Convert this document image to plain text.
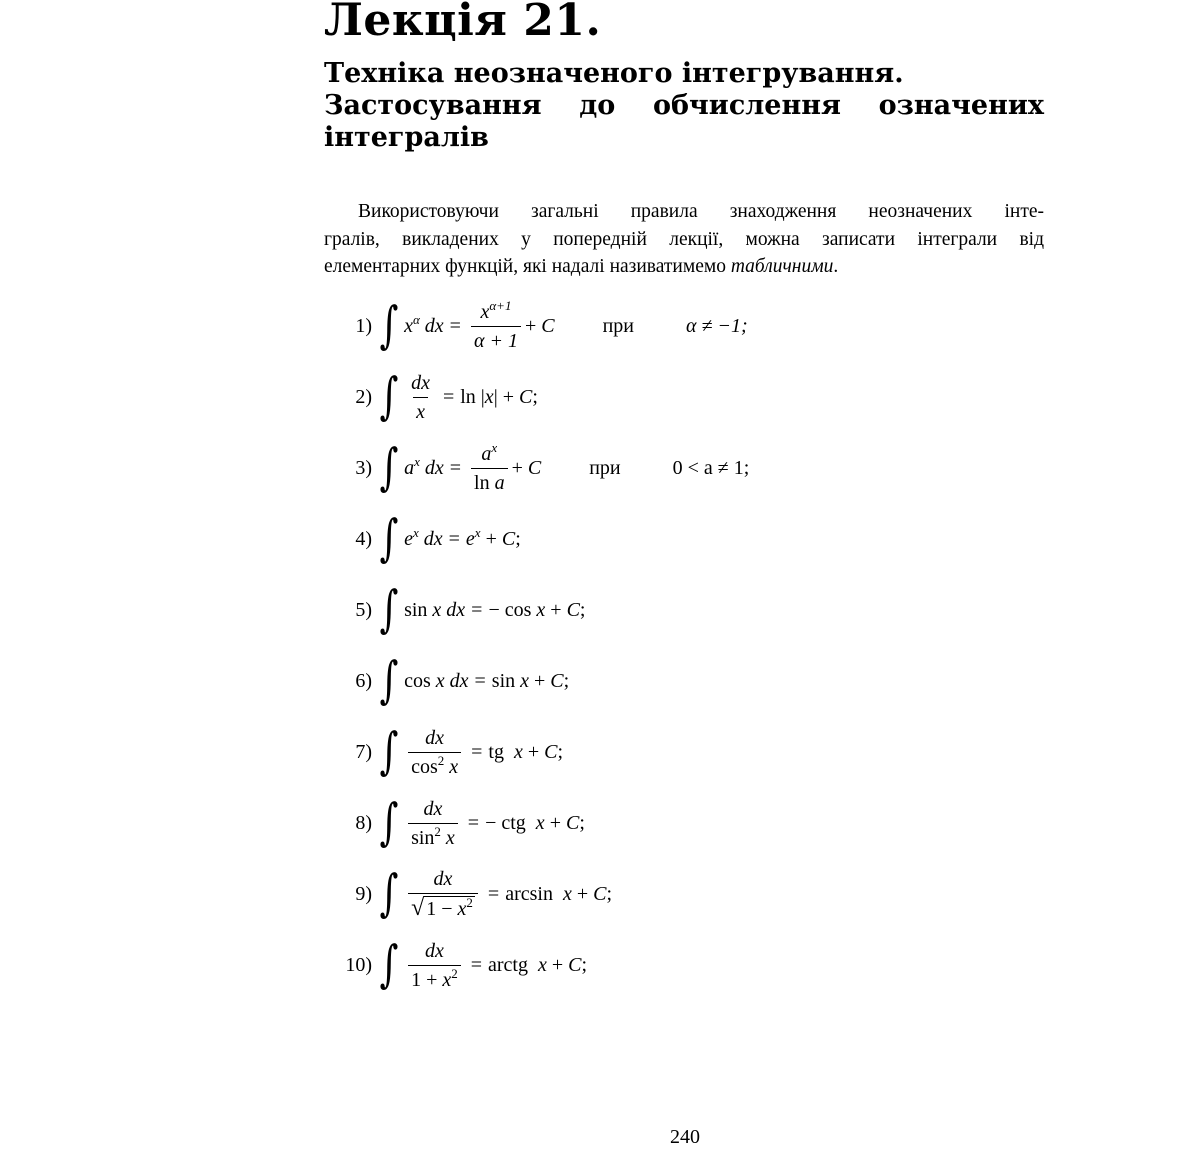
Лекція 21.
Техніка неозначеного інтегрування.
Застосування до обчислення означених
інтегралів
Використовуючи загальні правила знаходження неозначених інте-
гралів, викладених у попередній лекції, можна записати інтеграли від
елементарних функцій, які надалі називатимемо табличними.
1) ∫ $x^\alpha$ dx = $\frac{x^{\alpha+1}}{\alpha + 1} + C$ при	α ≠ −1;
2) ∫ $\frac{dx}{x} = \ln |x| + C$;
3) ∫ $a^x$ dx = $\frac{a^x}{\text{ln a}} + C$ при	0 < a ≠ 1;
4) ∫ $e^x$ dx = $e^x + C$;
5) ∫ sin x dx = − cos x + C;
6) ∫ cos x dx = sin x + C;
7) ∫ $\frac{dx}{\cos^2 x}$ = tg  x + C;
8) ∫ $\frac{dx}{\sin^2 x}$ = − ctg  x + C;
9) ∫ $\frac{dx}{√ 1 - x^2} = \arcsin x + C$;
10) ∫ $\frac{dx}{1 + x^2}$ = arctg  x + C;
240
